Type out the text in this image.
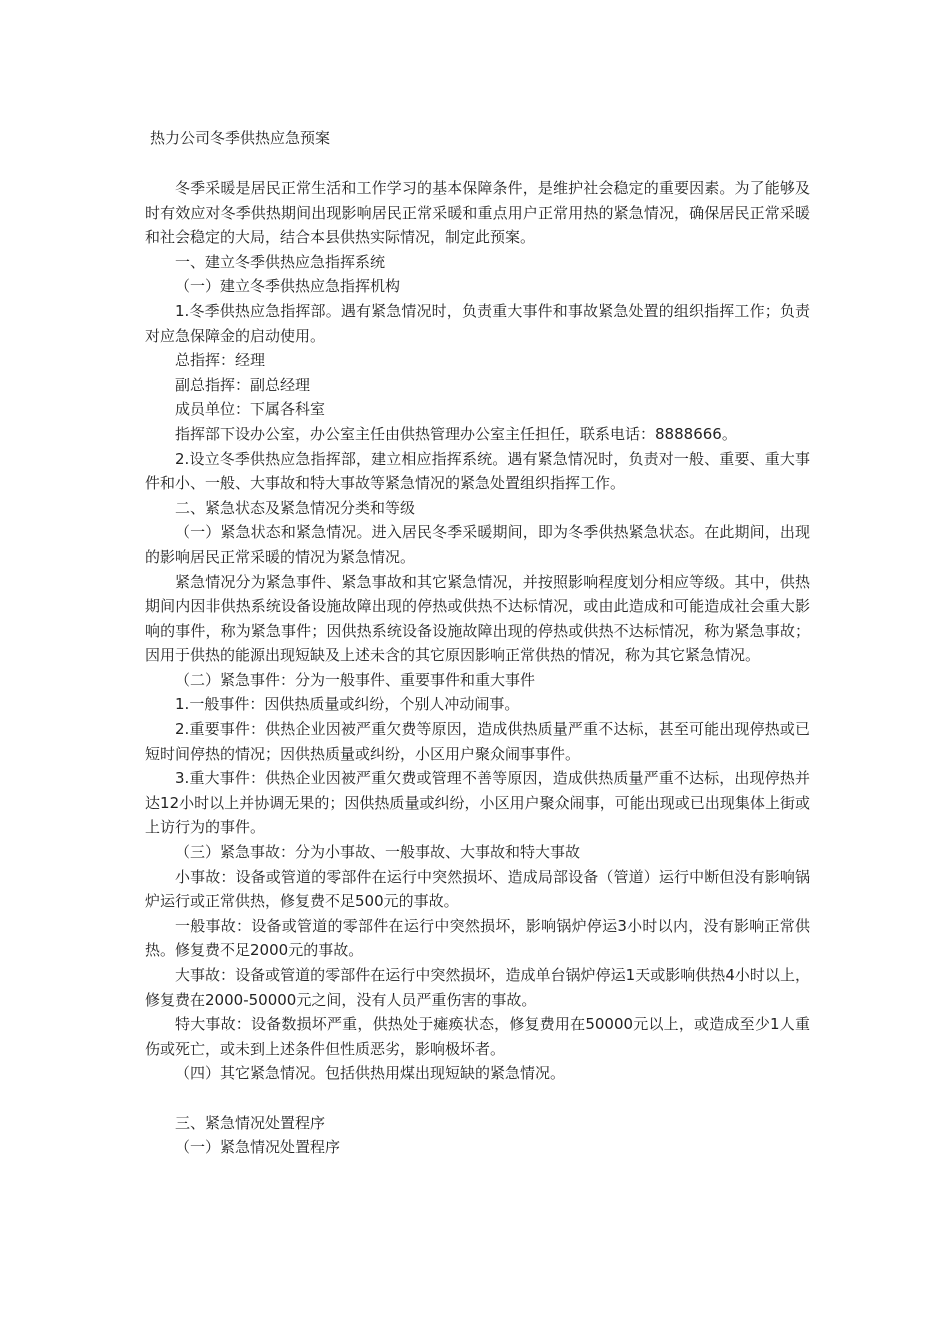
热力公司冬季供热应急预案

冬季采暖是居民正常生活和工作学习的基本保障条件，是维护社会稳定的重要因素。为了能够及时有效应对冬季供热期间出现影响居民正常采暖和重点用户正常用热的紧急情况，确保居民正常采暖和社会稳定的大局，结合本县供热实际情况，制定此预案。

一、建立冬季供热应急指挥系统

（一）建立冬季供热应急指挥机构

1.冬季供热应急指挥部。遇有紧急情况时，负责重大事件和事故紧急处置的组织指挥工作；负责对应急保障金的启动使用。

总指挥：经理

副总指挥：副总经理

成员单位：下属各科室

指挥部下设办公室，办公室主任由供热管理办公室主任担任，联系电话：8888666。

2.设立冬季供热应急指挥部，建立相应指挥系统。遇有紧急情况时，负责对一般、重要、重大事件和小、一般、大事故和特大事故等紧急情况的紧急处置组织指挥工作。

二、紧急状态及紧急情况分类和等级

（一）紧急状态和紧急情况。进入居民冬季采暖期间，即为冬季供热紧急状态。在此期间，出现的影响居民正常采暖的情况为紧急情况。

紧急情况分为紧急事件、紧急事故和其它紧急情况，并按照影响程度划分相应等级。其中，供热期间内因非供热系统设备设施故障出现的停热或供热不达标情况，或由此造成和可能造成社会重大影响的事件，称为紧急事件；因供热系统设备设施故障出现的停热或供热不达标情况，称为紧急事故；因用于供热的能源出现短缺及上述未含的其它原因影响正常供热的情况，称为其它紧急情况。

（二）紧急事件：分为一般事件、重要事件和重大事件

1.一般事件：因供热质量或纠纷，个别人冲动闹事。

2.重要事件：供热企业因被严重欠费等原因，造成供热质量严重不达标，甚至可能出现停热或已短时间停热的情况；因供热质量或纠纷，小区用户聚众闹事事件。

3.重大事件：供热企业因被严重欠费或管理不善等原因，造成供热质量严重不达标，出现停热并达12小时以上并协调无果的；因供热质量或纠纷，小区用户聚众闹事，可能出现或已出现集体上街或上访行为的事件。

（三）紧急事故：分为小事故、一般事故、大事故和特大事故

小事故：设备或管道的零部件在运行中突然损坏、造成局部设备（管道）运行中断但没有影响锅炉运行或正常供热，修复费不足500元的事故。

一般事故：设备或管道的零部件在运行中突然损坏，影响锅炉停运3小时以内，没有影响正常供热。修复费不足2000元的事故。

大事故：设备或管道的零部件在运行中突然损坏，造成单台锅炉停运1天或影响供热4小时以上，修复费在2000-50000元之间，没有人员严重伤害的事故。

特大事故：设备数损坏严重，供热处于瘫痪状态，修复费用在50000元以上，或造成至少1人重伤或死亡，或未到上述条件但性质恶劣，影响极坏者。

（四）其它紧急情况。包括供热用煤出现短缺的紧急情况。

三、紧急情况处置程序

（一）紧急情况处置程序
